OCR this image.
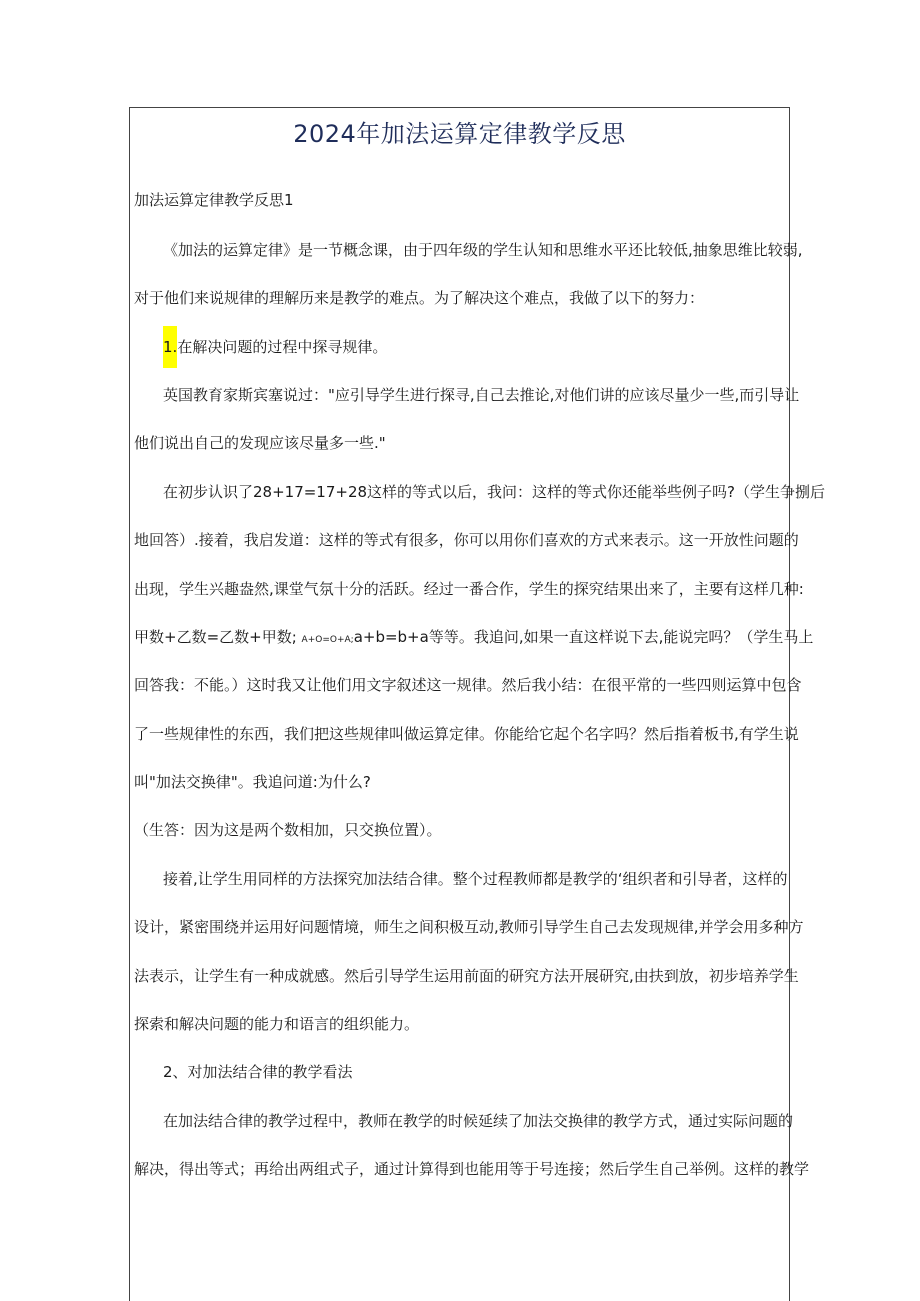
2024年加法运算定律教学反思
加法运算定律教学反思1
《加法的运算定律》是一节概念课，由于四年级的学生认知和思维水平还比较低,抽象思维比较弱,
对于他们来说规律的理解历来是教学的难点。为了解决这个难点，我做了以下的努力：
1.在解决问题的过程中探寻规律。
英国教育家斯宾塞说过："应引导学生进行探寻,自己去推论,对他们讲的应该尽量少一些,而引导让
他们说出自己的发现应该尽量多一些."
在初步认识了28+17=17+28这样的等式以后，我问：这样的等式你还能举些例子吗?（学生争捌后
地回答）.接着，我启发道：这样的等式有很多，你可以用你们喜欢的方式来表示。这一开放性问题的
出现，学生兴趣盎然,课堂气氛十分的活跃。经过一番合作，学生的探究结果出来了，主要有这样几种:
甲数+乙数=乙数+甲数; A+O=O+A;a+b=b+a等等。我追问,如果一直这样说下去,能说完吗？（学生马上
回答我：不能。）这时我又让他们用文字叙述这一规律。然后我小结：在很平常的一些四则运算中包含
了一些规律性的东西，我们把这些规律叫做运算定律。你能给它起个名字吗？然后指着板书,有学生说
叫"加法交换律"。我追问道:为什么?
（生答：因为这是两个数相加，只交换位置）。
接着,让学生用同样的方法探究加法结合律。整个过程教师都是教学的‘组织者和引导者，这样的
设计，紧密围绕并运用好问题情境，师生之间积极互动,教师引导学生自己去发现规律,并学会用多种方
法表示，让学生有一种成就感。然后引导学生运用前面的研究方法开展研究,由扶到放，初步培养学生
探索和解决问题的能力和语言的组织能力。
2、对加法结合律的教学看法
在加法结合律的教学过程中，教师在教学的时候延续了加法交换律的教学方式，通过实际问题的
解决，得出等式；再给出两组式子，通过计算得到也能用等于号连接；然后学生自己举例。这样的教学
